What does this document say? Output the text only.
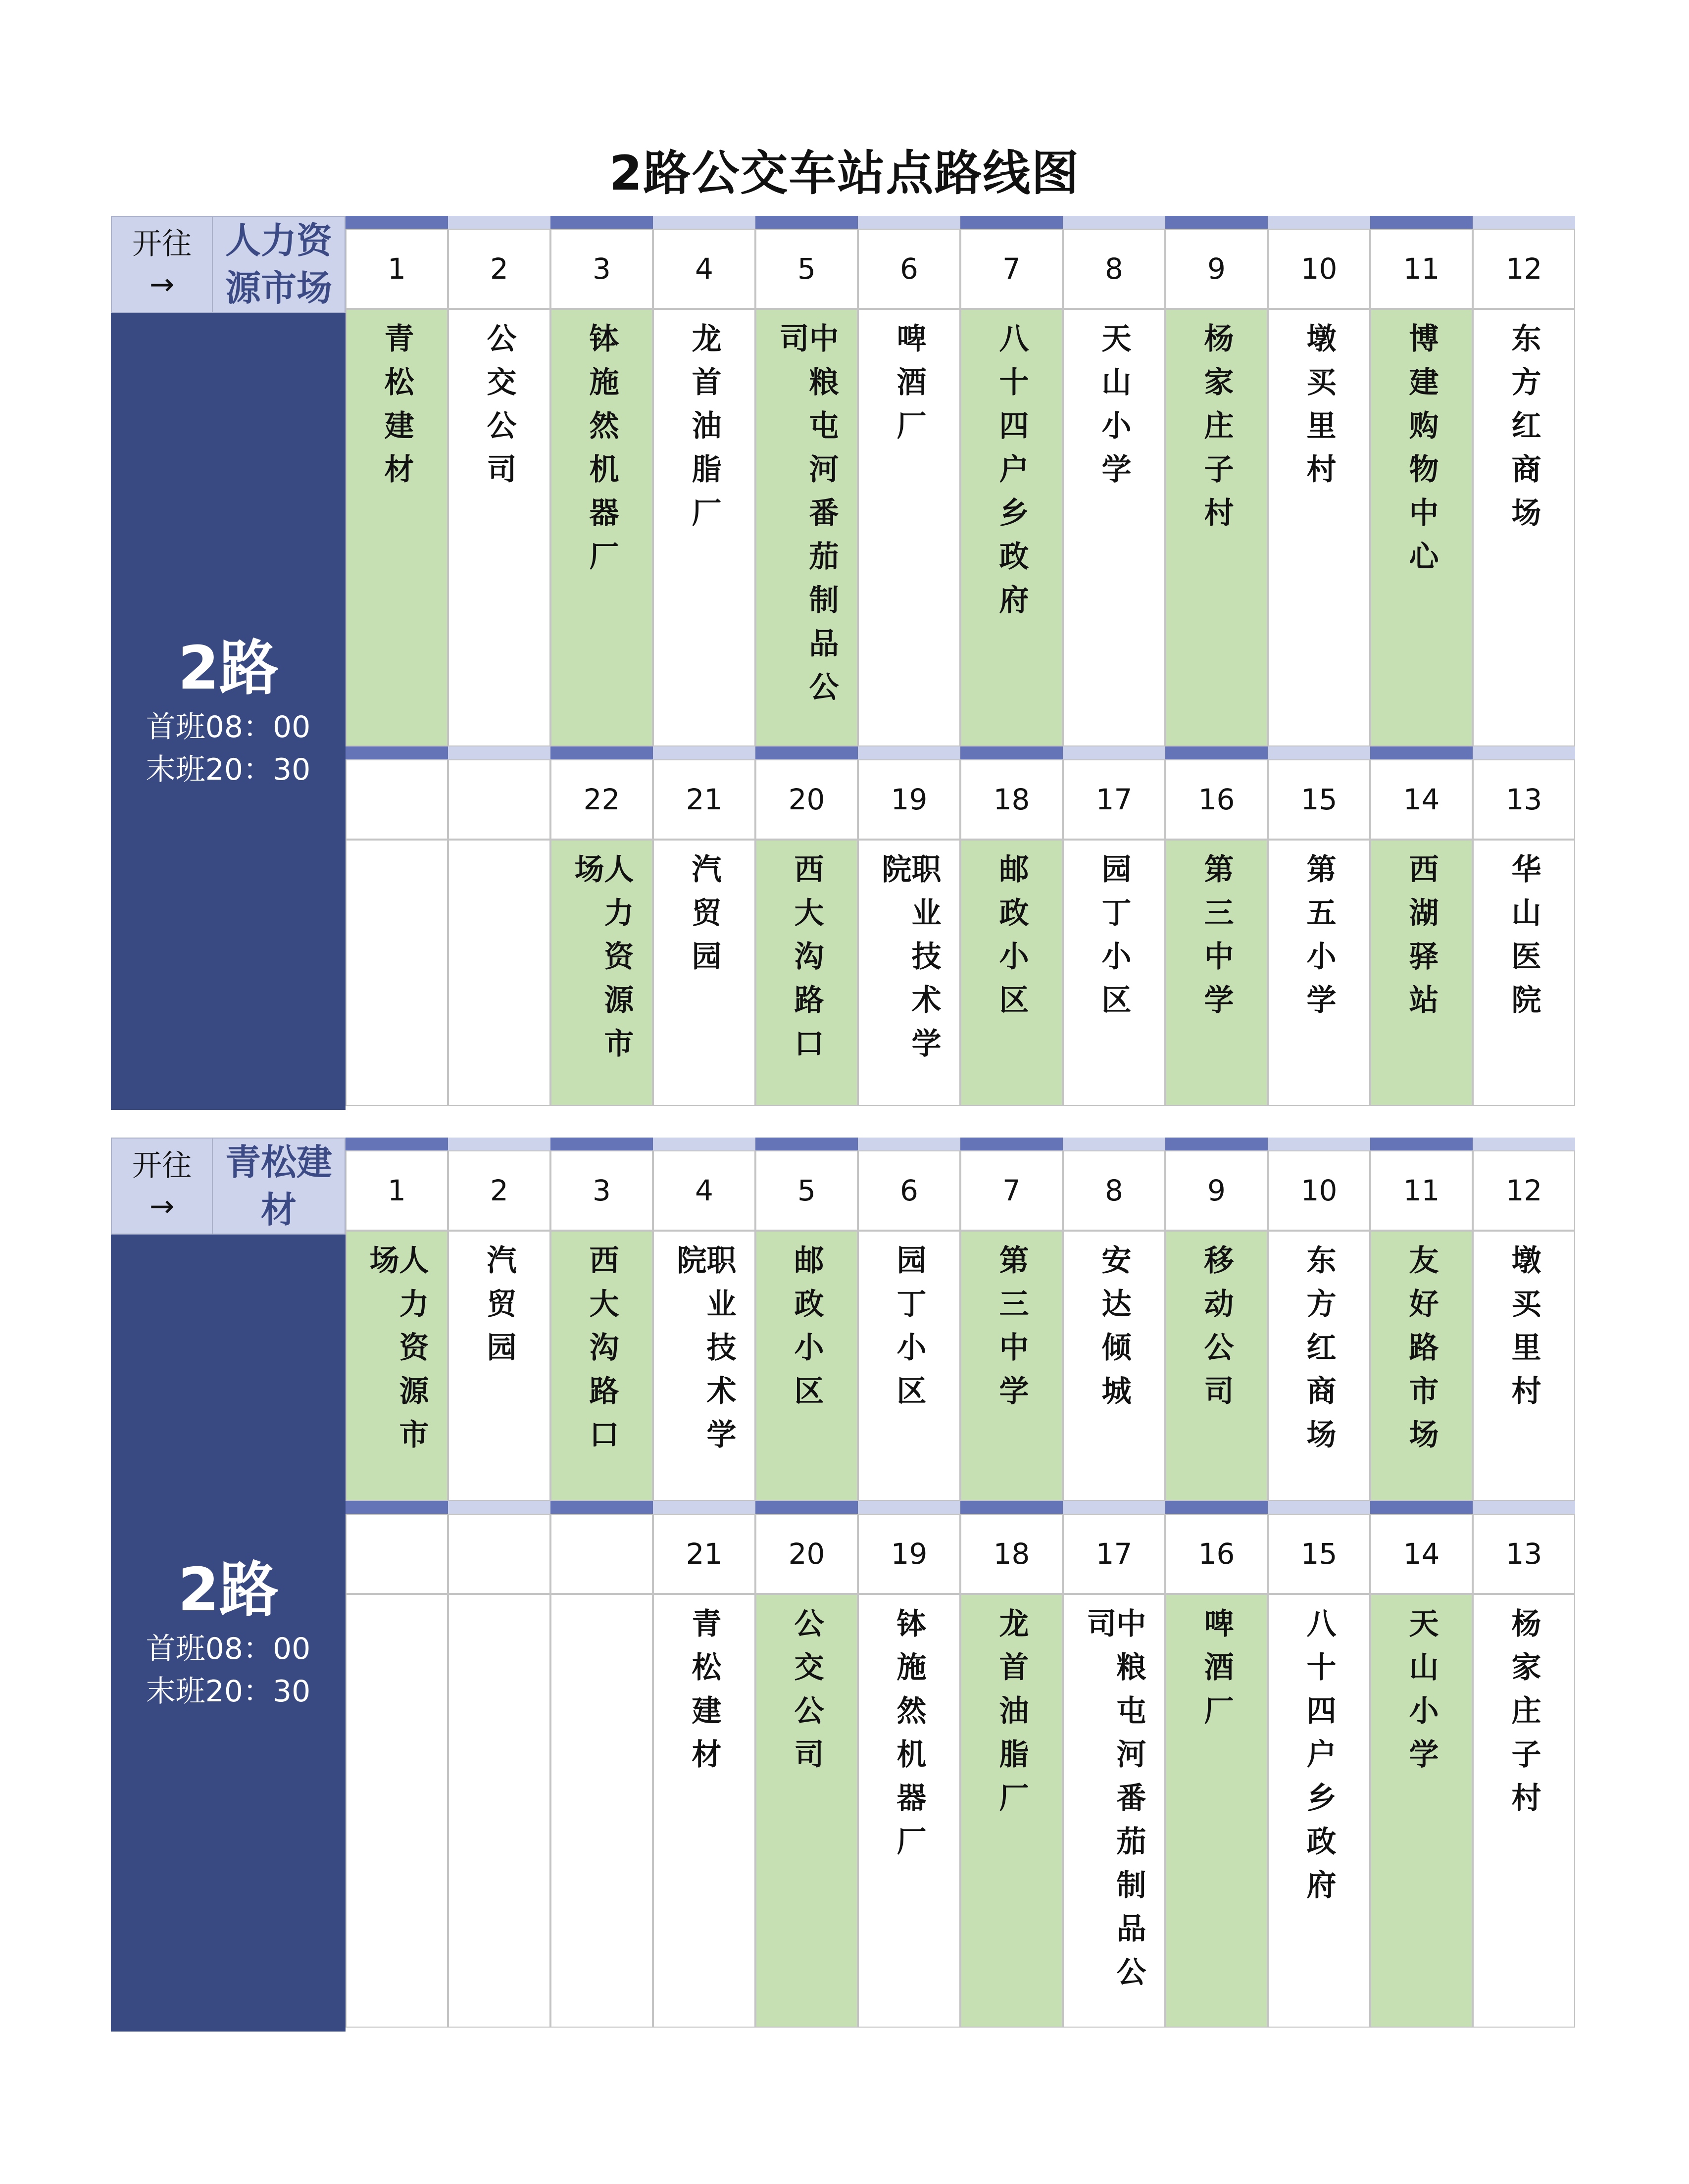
2路公交车站点路线图
开往
→
人力资源市场
2路
首班08：00
末班20：30
1
青松建材
2
公交公司
3
钵施然机器厂
4
龙首油脂厂
5
中粮屯河番茄制品公司
6
啤酒厂
7
八十四户乡政府
8
天山小学
9
杨家庄子村
10
墩买里村
11
博建购物中心
12
东方红商场
22
人力资源市场
21
汽贸园
20
西大沟路口
19
职业技术学院
18
邮政小区
17
园丁小区
16
第三中学
15
第五小学
14
西湖驿站
13
华山医院
开往
→
青松建材
2路
首班08：00
末班20：30
1
人力资源市场
2
汽贸园
3
西大沟路口
4
职业技术学院
5
邮政小区
6
园丁小区
7
第三中学
8
安达倾城
9
移动公司
10
东方红商场
11
友好路市场
12
墩买里村
21
青松建材
20
公交公司
19
钵施然机器厂
18
龙首油脂厂
17
中粮屯河番茄制品公司
16
啤酒厂
15
八十四户乡政府
14
天山小学
13
杨家庄子村
